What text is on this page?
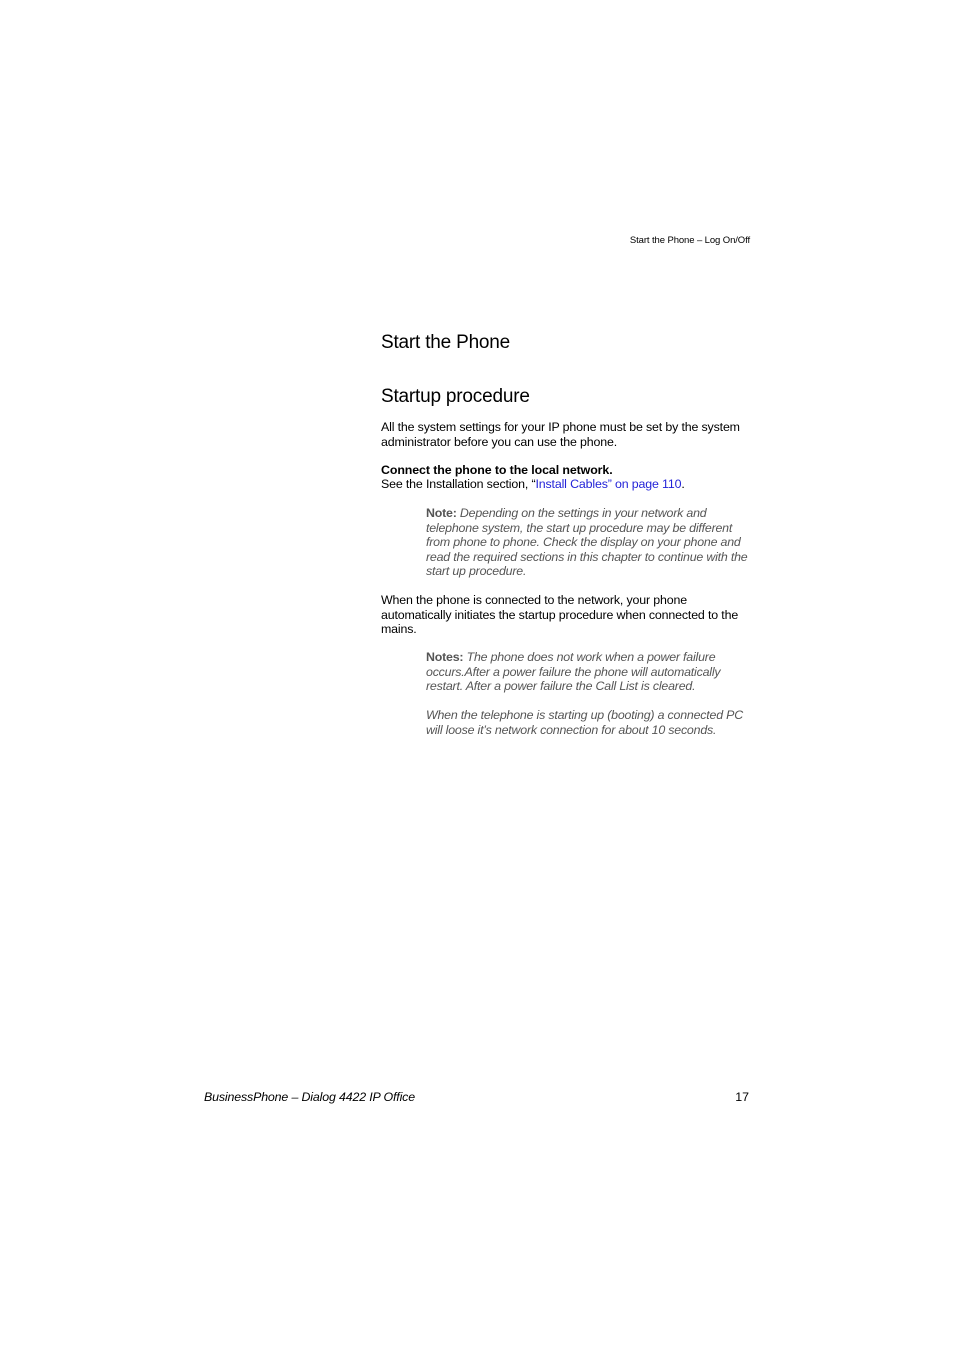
Start the Phone – Log On/Off
Start the Phone
Startup procedure
All the system settings for your IP phone must be set by the system administrator before you can use the phone.
Connect the phone to the local network.
See the Installation section, “Install Cables” on page 110.
Note: Depending on the settings in your network and telephone system, the start up procedure may be different from phone to phone. Check the display on your phone and read the required sections in this chapter to continue with the start up procedure.
When the phone is connected to the network, your phone automatically initiates the startup procedure when connected to the mains.
Notes: The phone does not work when a power failure occurs.After a power failure the phone will automatically restart. After a power failure the Call List is cleared.
When the telephone is starting up (booting) a connected PC will loose it’s network connection for about 10 seconds.
BusinessPhone – Dialog 4422 IP Office	17
